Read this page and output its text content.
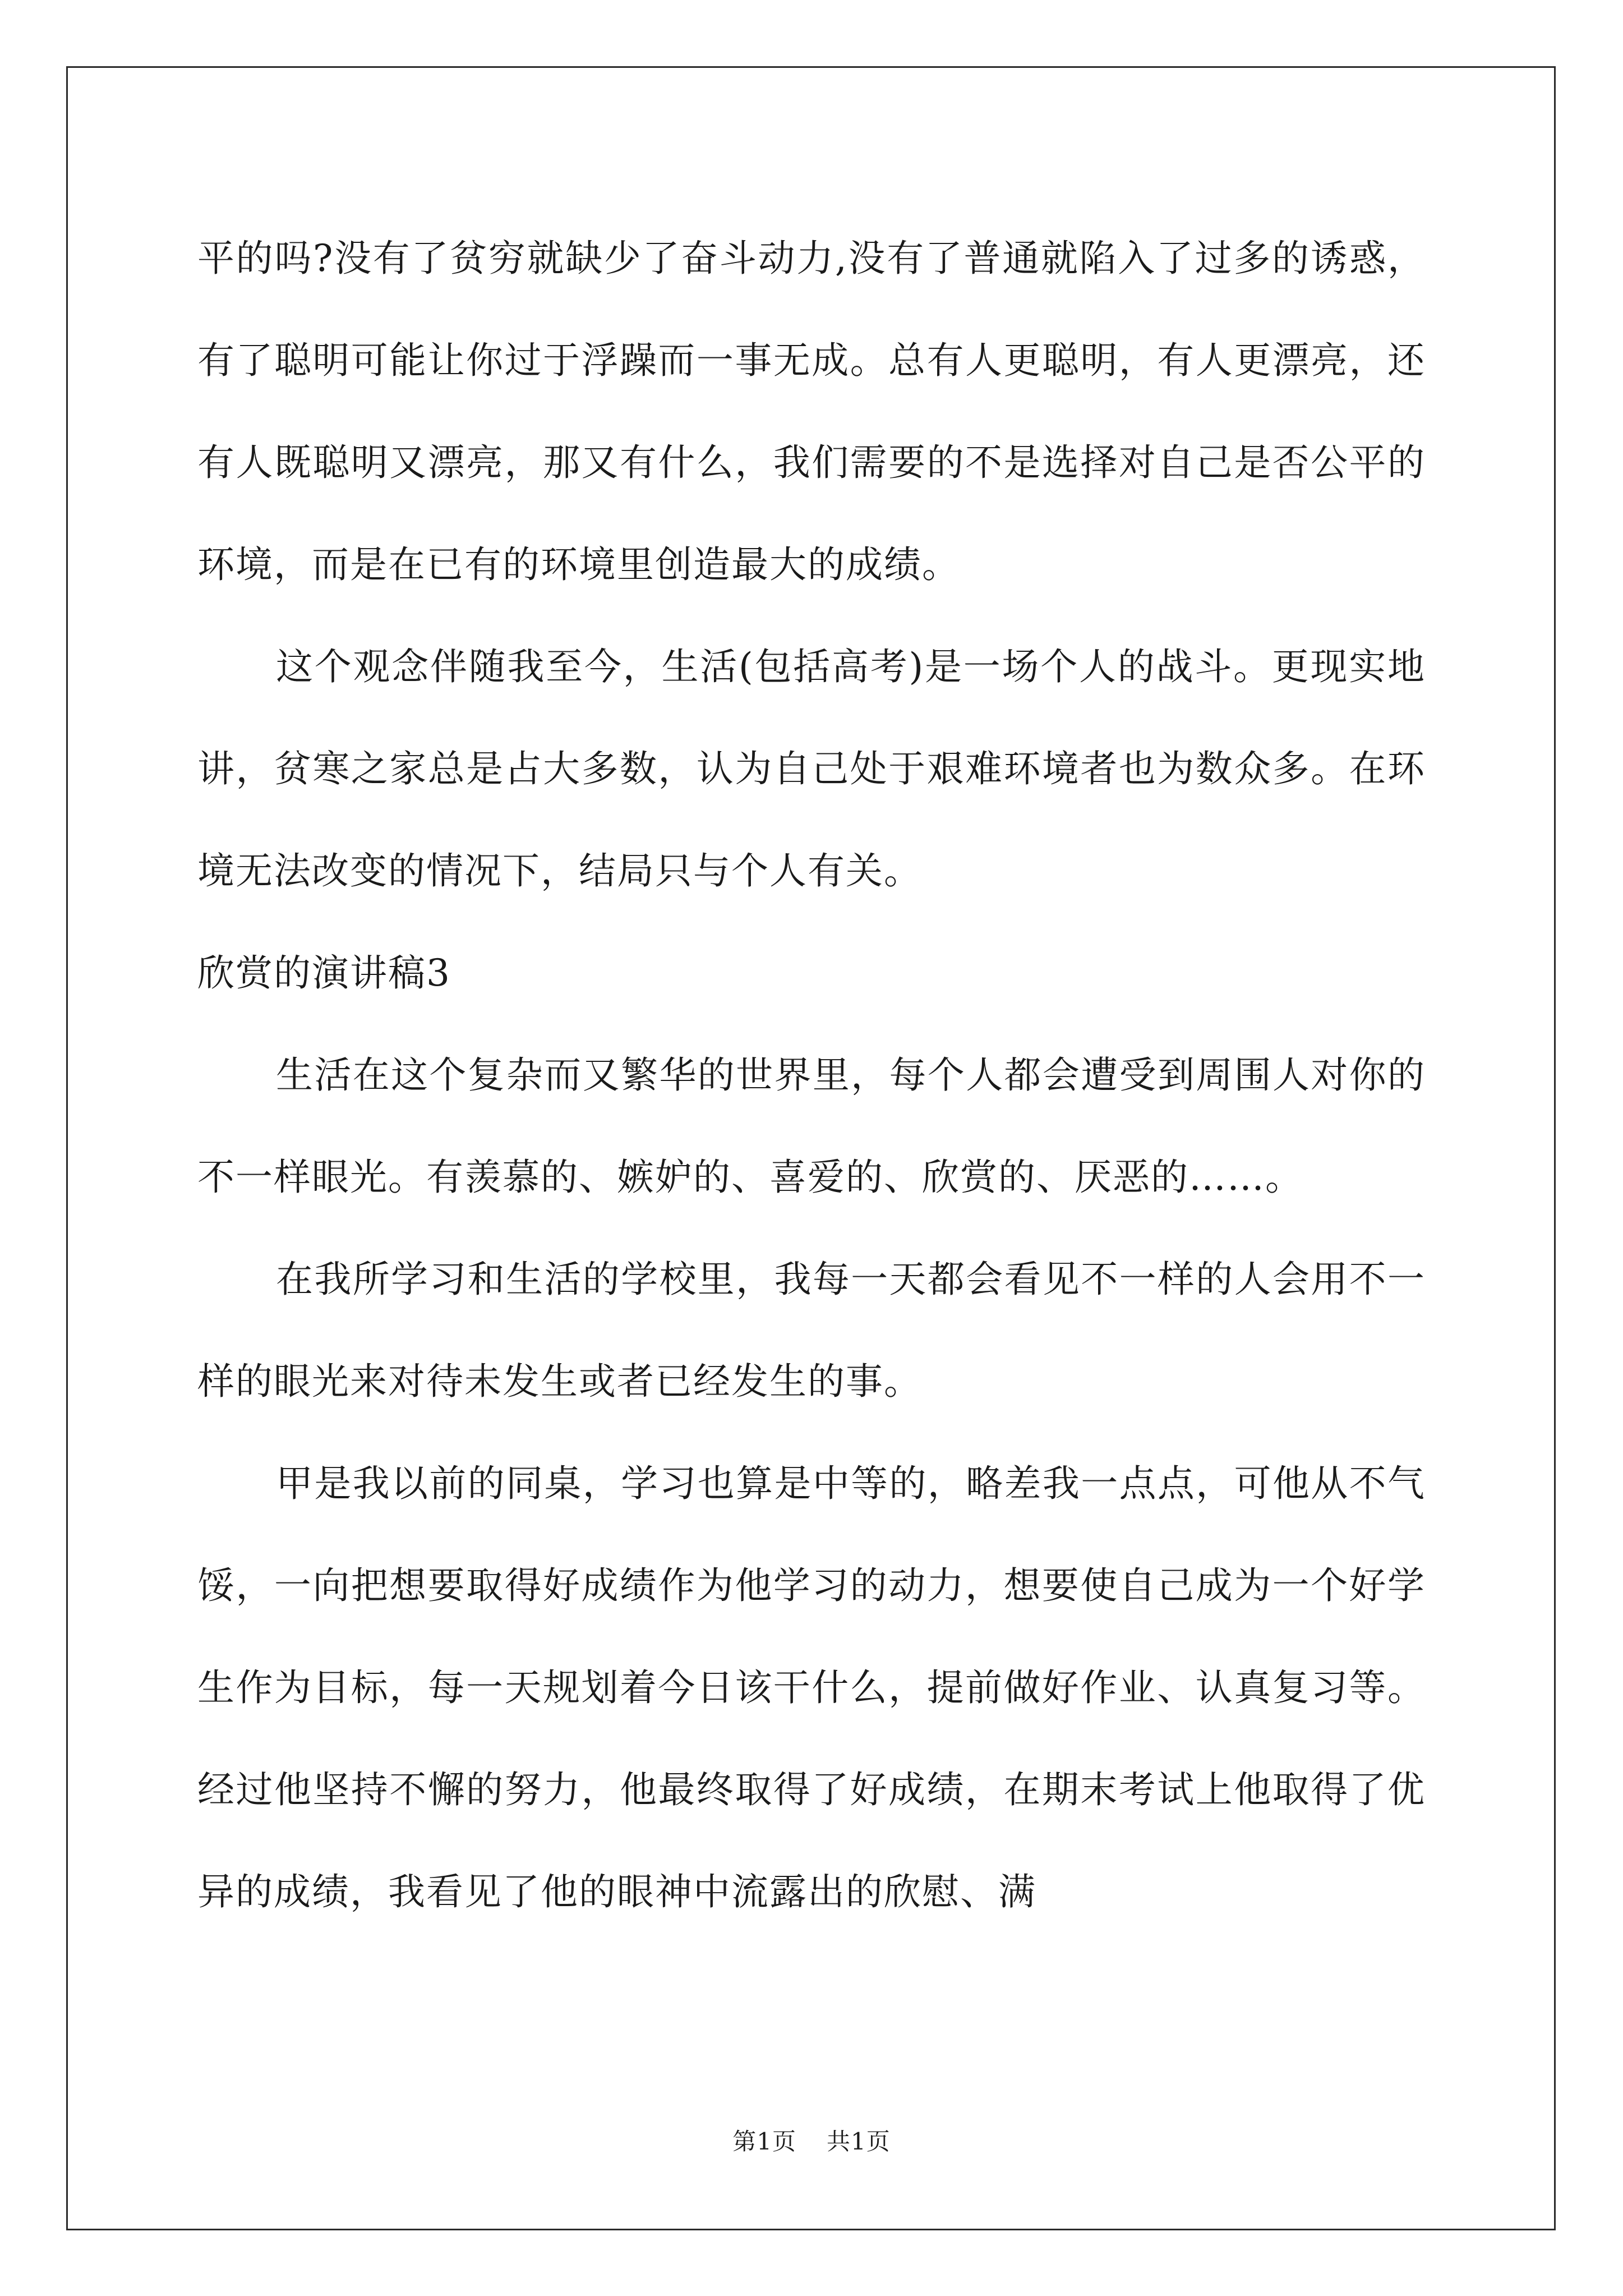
平的吗?没有了贫穷就缺少了奋斗动力,没有了普通就陷入了过多的诱惑，有了聪明可能让你过于浮躁而一事无成。总有人更聪明，有人更漂亮，还有人既聪明又漂亮，那又有什么，我们需要的不是选择对自己是否公平的环境，而是在已有的环境里创造最大的成绩。

这个观念伴随我至今，生活(包括高考)是一场个人的战斗。更现实地讲，贫寒之家总是占大多数，认为自己处于艰难环境者也为数众多。在环境无法改变的情况下，结局只与个人有关。

欣赏的演讲稿3

生活在这个复杂而又繁华的世界里，每个人都会遭受到周围人对你的不一样眼光。有羡慕的、嫉妒的、喜爱的、欣赏的、厌恶的……。

在我所学习和生活的学校里，我每一天都会看见不一样的人会用不一样的眼光来对待未发生或者已经发生的事。

甲是我以前的同桌，学习也算是中等的，略差我一点点，可他从不气馁，一向把想要取得好成绩作为他学习的动力，想要使自己成为一个好学生作为目标，每一天规划着今日该干什么，提前做好作业、认真复习等。经过他坚持不懈的努力，他最终取得了好成绩，在期末考试上他取得了优异的成绩，我看见了他的眼神中流露出的欣慰、满

第1页 共1页
